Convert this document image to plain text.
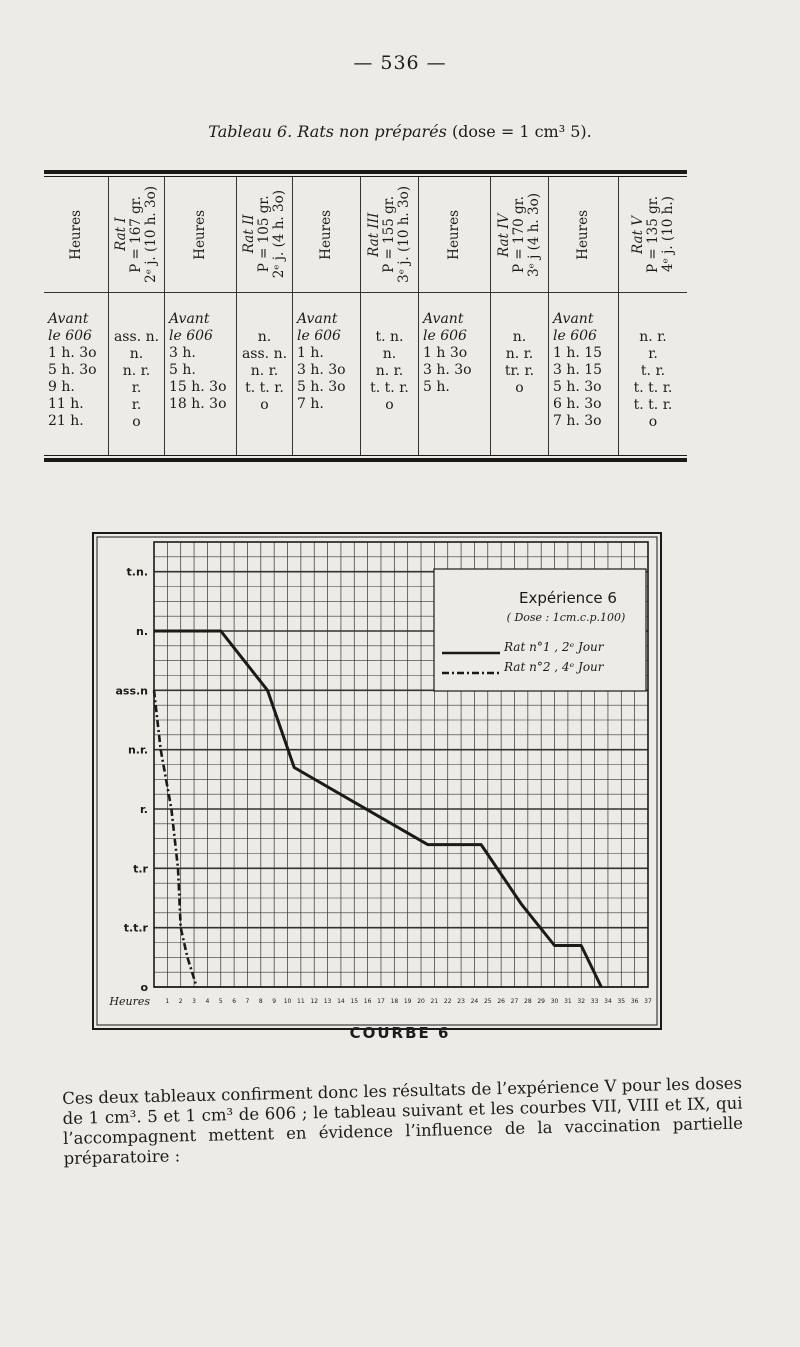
— 536 —
Tableau 6. Rats non préparés (dose = 1 cm³ 5).
Heures
Avant
le 606
1 h. 3o
5 h. 3o
9 h.
11 h.
21 h.
Rat I P = 167 gr. 2ᵉ j. (10 h. 3o)
ass. n.
n.
n. r.
r.
r.
o
Heures
Avant
le 606
3 h.
5 h.
15 h. 3o
18 h. 3o
Rat II P = 105 gr. 2ᵉ j. (4 h. 3o)
n.
ass. n.
n. r.
t. t. r.
o
Heures
Avant
le 606
1 h.
3 h. 3o
5 h. 3o
7 h.
Rat III P = 155 gr. 3ᵉ j. (10 h. 3o)
t. n.
n.
n. r.
t. t. r.
o
Heures
Avant
le 606
1 h 3o
3 h. 3o
5 h.
Rat IV P = 170 gr. 3ᵉ j (4 h. 3o)
n.
n. r.
tr. r.
o
Heures
Avant
le 606
1 h. 15
3 h. 15
5 h. 3o
6 h. 3o
7 h. 3o
Rat V P = 135 gr. 4ᵉ j. (10 h.)
n. r.
r.
t. r.
t. t. r.
t. t. r.
o
o
t.t.r
t.r
r.
n.r.
ass.n
n.
t.n.
Heures	1 2 3 4 5 6 7 8 9 10 11 12 13 14 15 16 17 18 19 20 21 22 23 24 25 26 27 28 29 30 31 32 33 34 35 36 37
Expérience 6
( Dose : 1cm.c.p.100)
Rat n°1 , 2ᵉ Jour
Rat n°2 , 4ᵉ Jour
COURBE 6

Ces deux tableaux confirment donc les résultats de l’expérience V pour les doses de 1 cm³. 5 et 1 cm³ de 606 ; le tableau suivant et les courbes VII, VIII et IX, qui l’accompagnent mettent en évidence l’influence de la vaccination partielle préparatoire :
